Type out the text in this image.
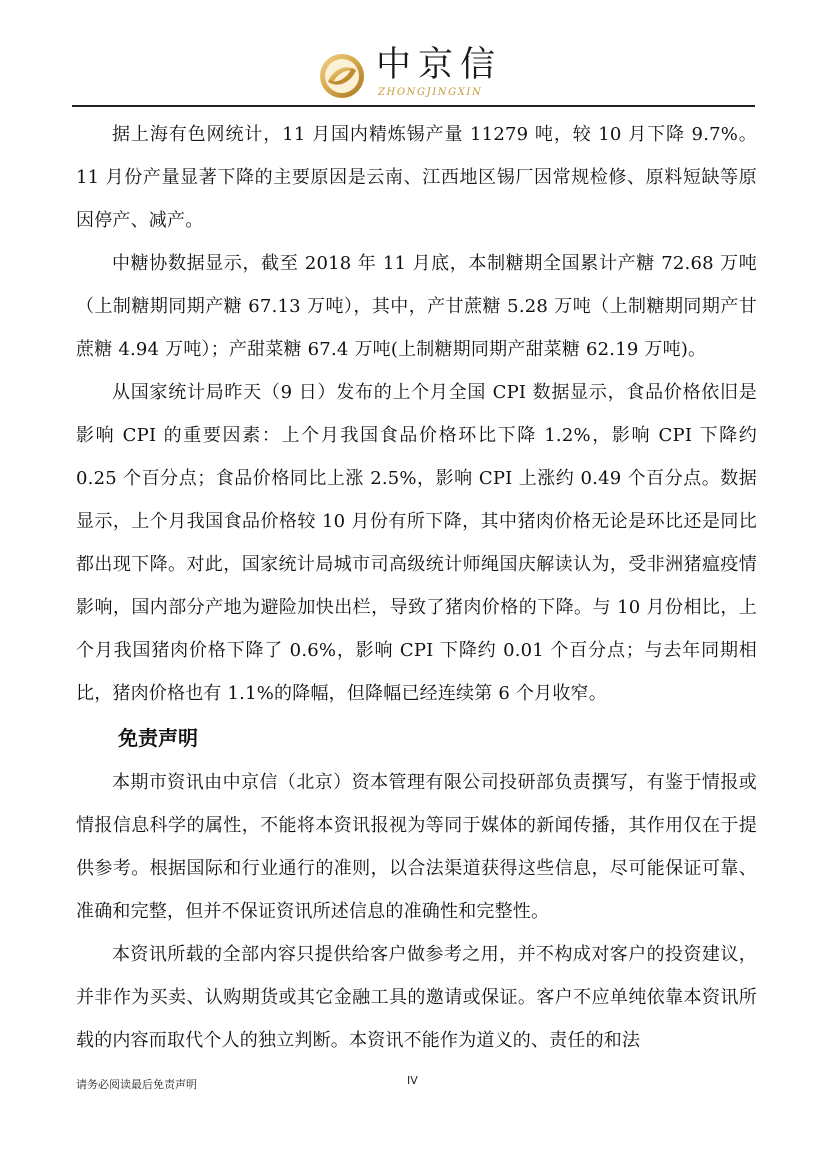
中京信
ZHONGJINGXIN

据上海有色网统计，11 月国内精炼锡产量 11279 吨，较 10 月下降 9.7%。11 月份产量显著下降的主要原因是云南、江西地区锡厂因常规检修、原料短缺等原因停产、减产。

中糖协数据显示，截至 2018 年 11 月底，本制糖期全国累计产糖 72.68 万吨（上制糖期同期产糖 67.13 万吨），其中，产甘蔗糖 5.28 万吨（上制糖期同期产甘蔗糖 4.94 万吨）；产甜菜糖 67.4 万吨(上制糖期同期产甜菜糖 62.19 万吨)。

从国家统计局昨天（9 日）发布的上个月全国 CPI 数据显示，食品价格依旧是影响 CPI 的重要因素：上个月我国食品价格环比下降 1.2%，影响 CPI 下降约 0.25 个百分点；食品价格同比上涨 2.5%，影响 CPI 上涨约 0.49 个百分点。数据显示，上个月我国食品价格较 10 月份有所下降，其中猪肉价格无论是环比还是同比都出现下降。对此，国家统计局城市司高级统计师绳国庆解读认为，受非洲猪瘟疫情影响，国内部分产地为避险加快出栏，导致了猪肉价格的下降。与 10 月份相比，上个月我国猪肉价格下降了 0.6%，影响 CPI 下降约 0.01 个百分点；与去年同期相比，猪肉价格也有 1.1%的降幅，但降幅已经连续第 6 个月收窄。

免责声明

本期市资讯由中京信（北京）资本管理有限公司投研部负责撰写，有鉴于情报或情报信息科学的属性，不能将本资讯报视为等同于媒体的新闻传播，其作用仅在于提供参考。根据国际和行业通行的准则，以合法渠道获得这些信息，尽可能保证可靠、准确和完整，但并不保证资讯所述信息的准确性和完整性。

本资讯所载的全部内容只提供给客户做参考之用，并不构成对客户的投资建议，并非作为买卖、认购期货或其它金融工具的邀请或保证。客户不应单纯依靠本资讯所载的内容而取代个人的独立判断。本资讯不能作为道义的、责任的和法

请务必阅读最后免责声明	IV
